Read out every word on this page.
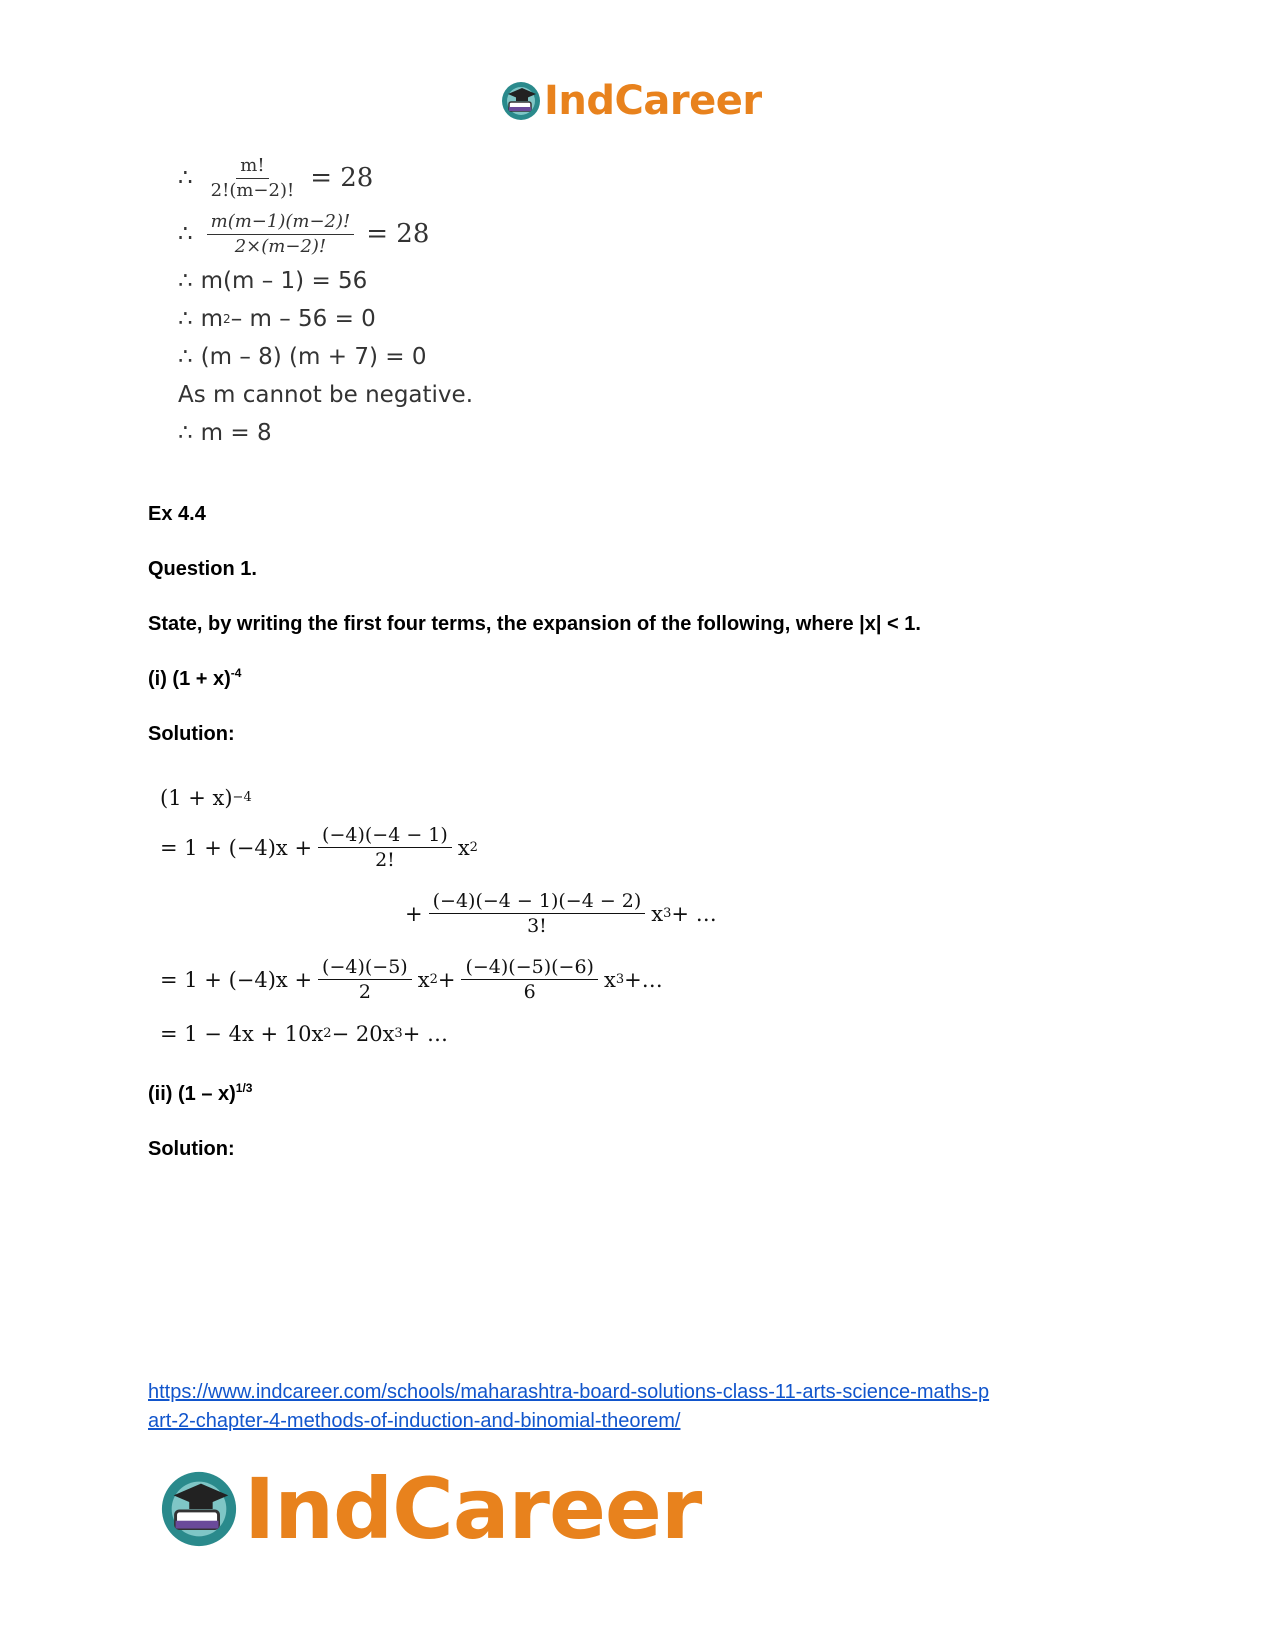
IndCareer
∴ $\frac{m!}{2!(m-2)!} = 28$
∴ $\frac{m(m-1)(m-2)!}{2\times(m-2)!} = 28$
∴ m(m – 1) = 56
∴ m 2 – m – 56 = 0
∴ (m – 8) (m + 7) = 0
As m cannot be negative.
∴ m = 8
Ex 4.4
Question 1.
State, by writing the first four terms, the expansion of the following, where |x| < 1.
(i) $(1 + x)^{-4}$
Solution:
(1 + x) −4
= $1 + (-4)x + \frac{(-4)(-4 - 1)}{2!}$ x 2
+ $\frac{(-4)(-4 - 1)(-4 - 2)}{3!}$ x 3 + …
= $1 + (-4)x + \frac{(-4)(-5)}{2}$ x $2 + \frac{(-4)(-5)(-6)}{6}$ x 3 +…
= 1 − 4x + 10x 2 − 20x 3 + …
(ii) (1 – x)$^{1/3}$
Solution:
https://www.indcareer.com/schools/maharashtra-board-solutions-class-11-arts-science-maths-p
art-2-chapter-4-methods-of-induction-and-binomial-theorem/
IndCareer
